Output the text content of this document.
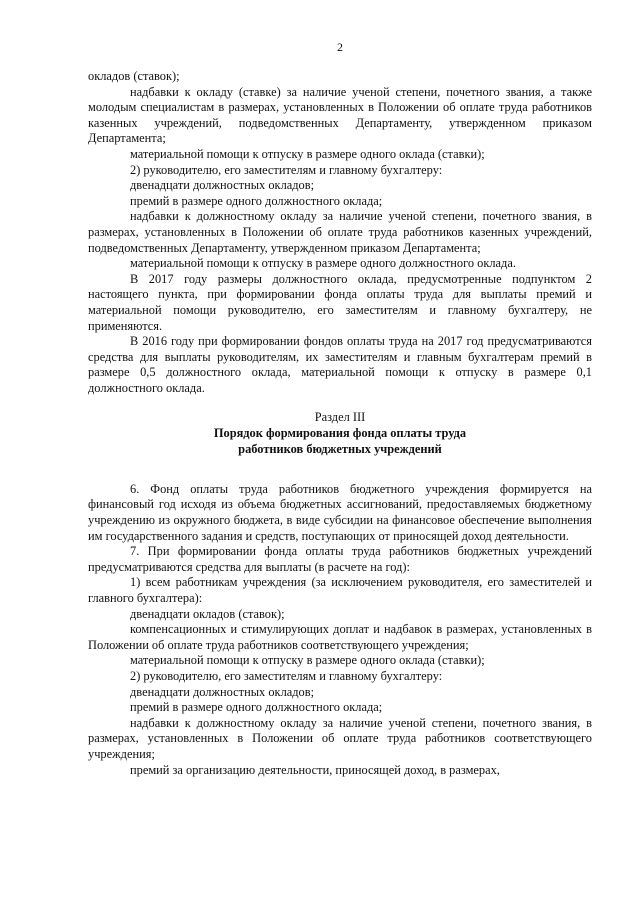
2

окладов (ставок);

надбавки к окладу (ставке) за наличие ученой степени, почетного звания, а также молодым специалистам в размерах, установленных в Положении об оплате труда работников казенных учреждений, подведомственных Департаменту, утвержденном приказом Департамента;

материальной помощи к отпуску в размере одного оклада (ставки);

2) руководителю, его заместителям и главному бухгалтеру:

двенадцати должностных окладов;

премий в размере одного должностного оклада;

надбавки к должностному окладу за наличие ученой степени, почетного звания, в размерах, установленных в Положении об оплате труда работников казенных учреждений, подведомственных Департаменту, утвержденном приказом Департамента;

материальной помощи к отпуску в размере одного должностного оклада.

В 2017 году размеры должностного оклада, предусмотренные подпунктом 2 настоящего пункта, при формировании фонда оплаты труда для выплаты премий и материальной помощи руководителю, его заместителям и главному бухгалтеру, не применяются.

В 2016 году при формировании фондов оплаты труда на 2017 год предусматриваются средства для выплаты руководителям, их заместителям и главным бухгалтерам премий в размере 0,5 должностного оклада, материальной помощи к отпуску в размере 0,1 должностного оклада.

Раздел III
Порядок формирования фонда оплаты труда
работников бюджетных учреждений

6. Фонд оплаты труда работников бюджетного учреждения формируется на финансовый год исходя из объема бюджетных ассигнований, предоставляемых бюджетному учреждению из окружного бюджета, в виде субсидии на финансовое обеспечение выполнения им государственного задания и средств, поступающих от приносящей доход деятельности.

7. При формировании фонда оплаты труда работников бюджетных учреждений предусматриваются средства для выплаты (в расчете на год):

1) всем работникам учреждения (за исключением руководителя, его заместителей и главного бухгалтера):

двенадцати окладов (ставок);

компенсационных и стимулирующих доплат и надбавок в размерах, установленных в Положении об оплате труда работников соответствующего учреждения;

материальной помощи к отпуску в размере одного оклада (ставки);

2) руководителю, его заместителям и главному бухгалтеру:

двенадцати должностных окладов;

премий в размере одного должностного оклада;

надбавки к должностному окладу за наличие ученой степени, почетного звания, в размерах, установленных в Положении об оплате труда работников соответствующего учреждения;

премий за организацию деятельности, приносящей доход, в размерах,
